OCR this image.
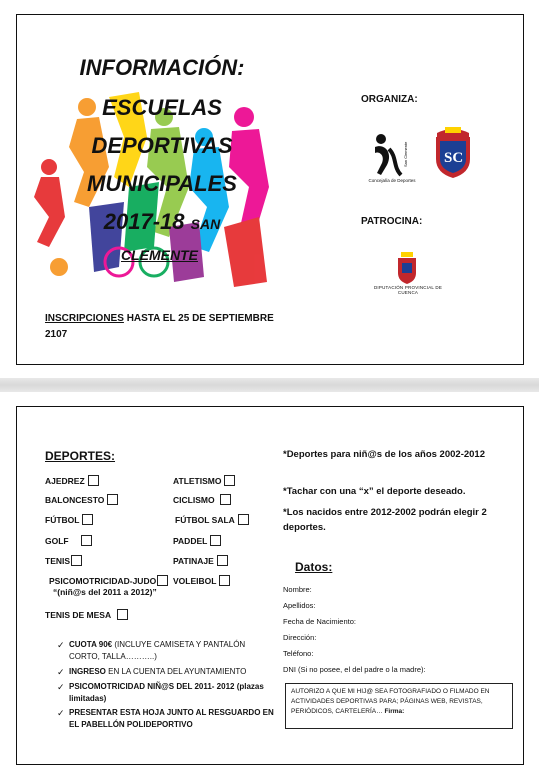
INFORMACIÓN:
ESCUELAS
DEPORTIVAS
MUNICIPALES
2017-18 SAN
CLEMENTE
INSCRIPCIONES HASTA EL 25 DE SEPTIEMBRE
2107
ORGANIZA:
San Clemente
Concejalía de Deportes
SC
PATROCINA:
DIPUTACIÓN PROVINCIAL DE CUENCA
DEPORTES:
AJEDREZ
BALONCESTO
FÚTBOL
GOLF
TENIS
PSICOMOTRICIDAD-JUDO
“(niñ@s del 2011 a 2012)”
TENIS DE MESA
ATLETISMO
CICLISMO
FÚTBOL SALA
PADDEL
PATINAJE
VOLEIBOL
*Deportes para niñ@s de los años 2002-2012
*Tachar con una “x” el deporte deseado.
*Los nacidos entre 2012-2002 podrán elegir 2 deportes.
Datos:
Nombre:
Apellidos:
Fecha de Nacimiento:
Dirección:
Teléfono:
DNI (Si no posee, el del padre o la madre):
AUTORIZO A QUE MI HIJ@ SEA FOTOGRAFIADO O FILMADO EN ACTIVIDADES DEPORTIVAS PARA; PÁGINAS WEB, REVISTAS, PERIÓDICOS, CARTELERÍA… Firma:
✓ CUOTA 90€ (INCLUYE CAMISETA Y PANTALÓN CORTO, TALLA………..)
✓ INGRESO EN LA CUENTA DEL AYUNTAMIENTO
✓ PSICOMOTRICIDAD NIÑ@S DEL 2011- 2012 (plazas limitadas)
✓ PRESENTAR ESTA HOJA JUNTO AL RESGUARDO EN EL PABELLÓN POLIDEPORTIVO
